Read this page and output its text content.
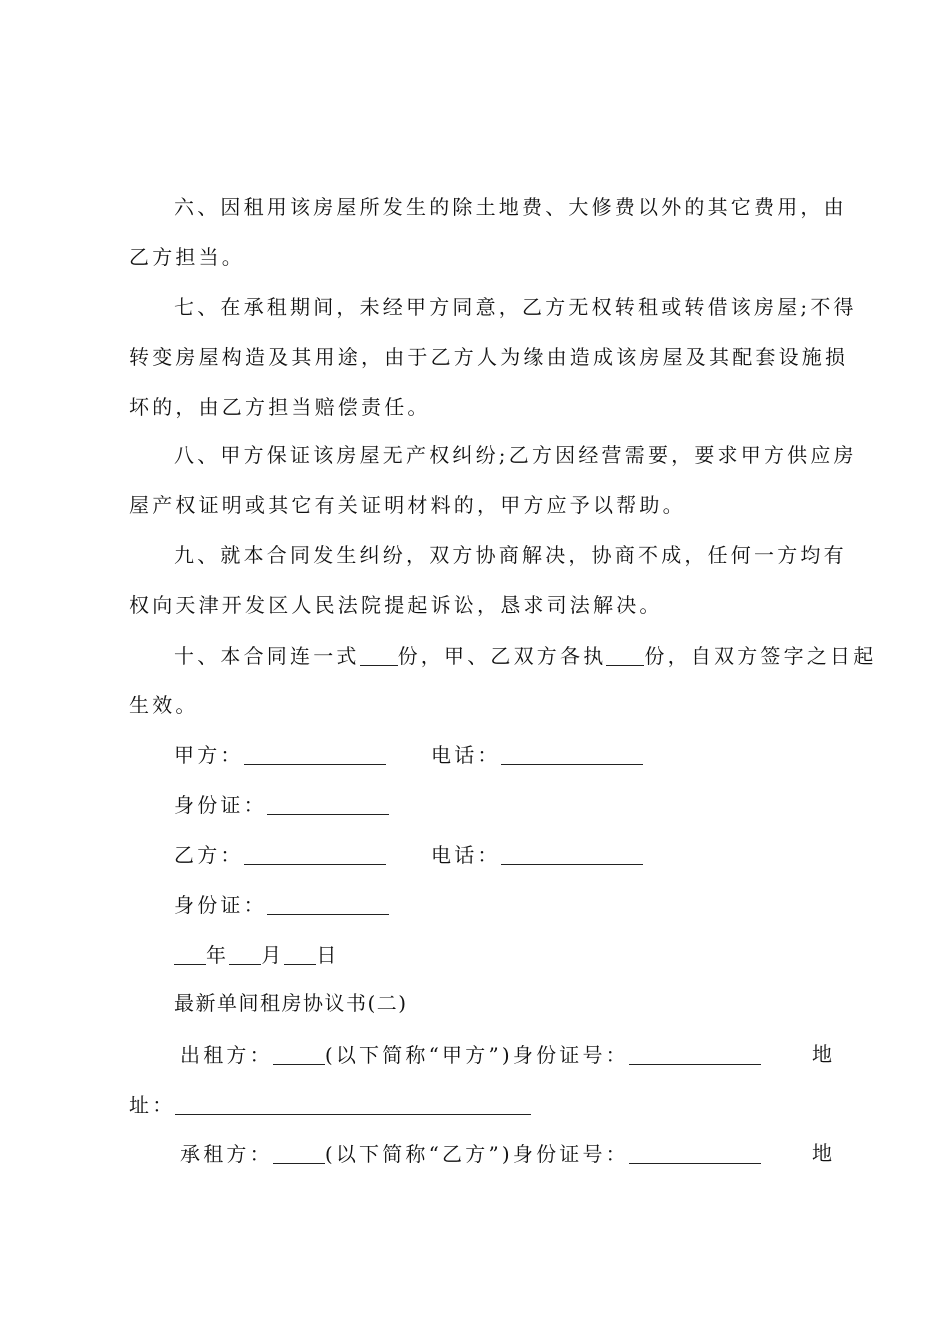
六、因租用该房屋所发生的除土地费、大修费以外的其它费用，由
乙方担当。
七、在承租期间，未经甲方同意，乙方无权转租或转借该房屋;不得
转变房屋构造及其用途，由于乙方人为缘由造成该房屋及其配套设施损
坏的，由乙方担当赔偿责任。
八、甲方保证该房屋无产权纠纷;乙方因经营需要，要求甲方供应房
屋产权证明或其它有关证明材料的，甲方应予以帮助。
九、就本合同发生纠纷，双方协商解决，协商不成，任何一方均有
权向天津开发区人民法院提起诉讼，恳求司法解决。
十、本合同连一式 份，甲、乙双方各执 份，自双方签字之日起
生效。
甲方：	电话：
身份证：
乙方：	电话：
身份证：
年 月 日
最新单间租房协议书(二)
出租方：	(以下简称“甲方”)身份证号：	地
址：
承租方：	(以下简称“乙方”)身份证号：	地
